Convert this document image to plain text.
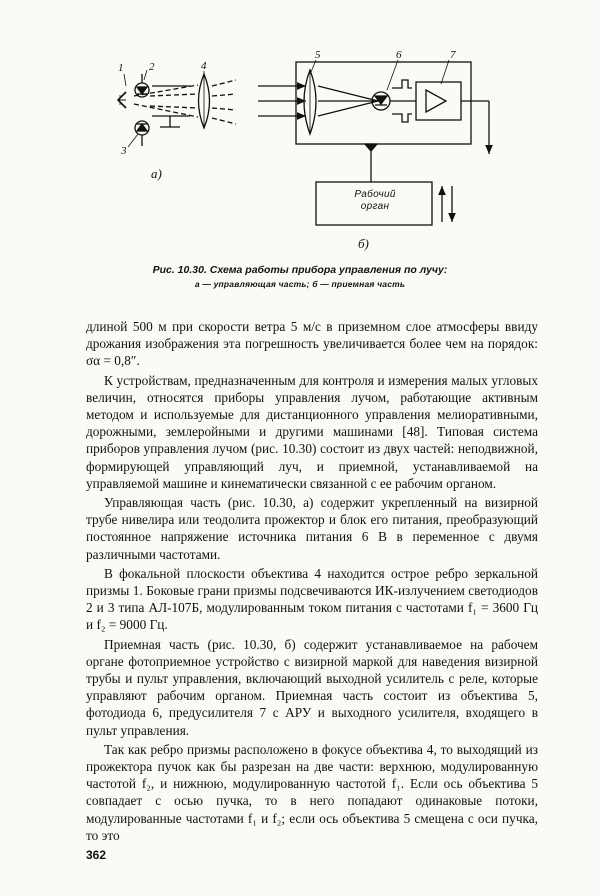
1 2
3
4
5	6	7
а)
б)
Рабочий
орган
Рис. 10.30. Схема работы прибора управления по лучу:
а — управляющая часть; б — приемная часть

длиной 500 м при скорости ветра 5 м/с в приземном слое атмосферы ввиду дрожания изображения эта погрешность увеличивается более чем на порядок: σα = 0,8″.

К устройствам, предназначенным для контроля и измерения малых угловых величин, относятся приборы управления лучом, работающие активным методом и используемые для дистанционного управления мелиоративными, дорожными, землеройными и другими машинами [48]. Типовая система приборов управления лучом (рис. 10.30) состоит из двух частей: неподвижной, формирующей управляющий луч, и приемной, устанавливаемой на управляемой машине и кинематически связанной с ее рабочим органом.

Управляющая часть (рис. 10.30, а) содержит укрепленный на визирной трубе нивелира или теодолита прожектор и блок его питания, преобразующий постоянное напряжение источника питания 6 В в переменное с двумя различными частотами.

В фокальной плоскости объектива 4 находится острое ребро зеркальной призмы 1. Боковые грани призмы подсвечиваются ИК-излучением светодиодов 2 и 3 типа АЛ-107Б, модулированным током питания с частотами f₁ = 3600 Гц и f₂ = 9000 Гц.

Приемная часть (рис. 10.30, б) содержит устанавливаемое на рабочем органе фотоприемное устройство с визирной маркой для наведения визирной трубы и пульт управления, включающий выходной усилитель с реле, которые управляют рабочим органом. Приемная часть состоит из объектива 5, фотодиода 6, предусилителя 7 с АРУ и выходного усилителя, входящего в пульт управления.

Так как ребро призмы расположено в фокусе объектива 4, то выходящий из прожектора пучок как бы разрезан на две части: верхнюю, модулированную частотой f₂, и нижнюю, модулированную частотой f₁. Если ось объектива 5 совпадает с осью пучка, то в него попадают одинаковые потоки, модулированные частотами f₁ и f₂; если ось объектива 5 смещена с оси пучка, то это

362
